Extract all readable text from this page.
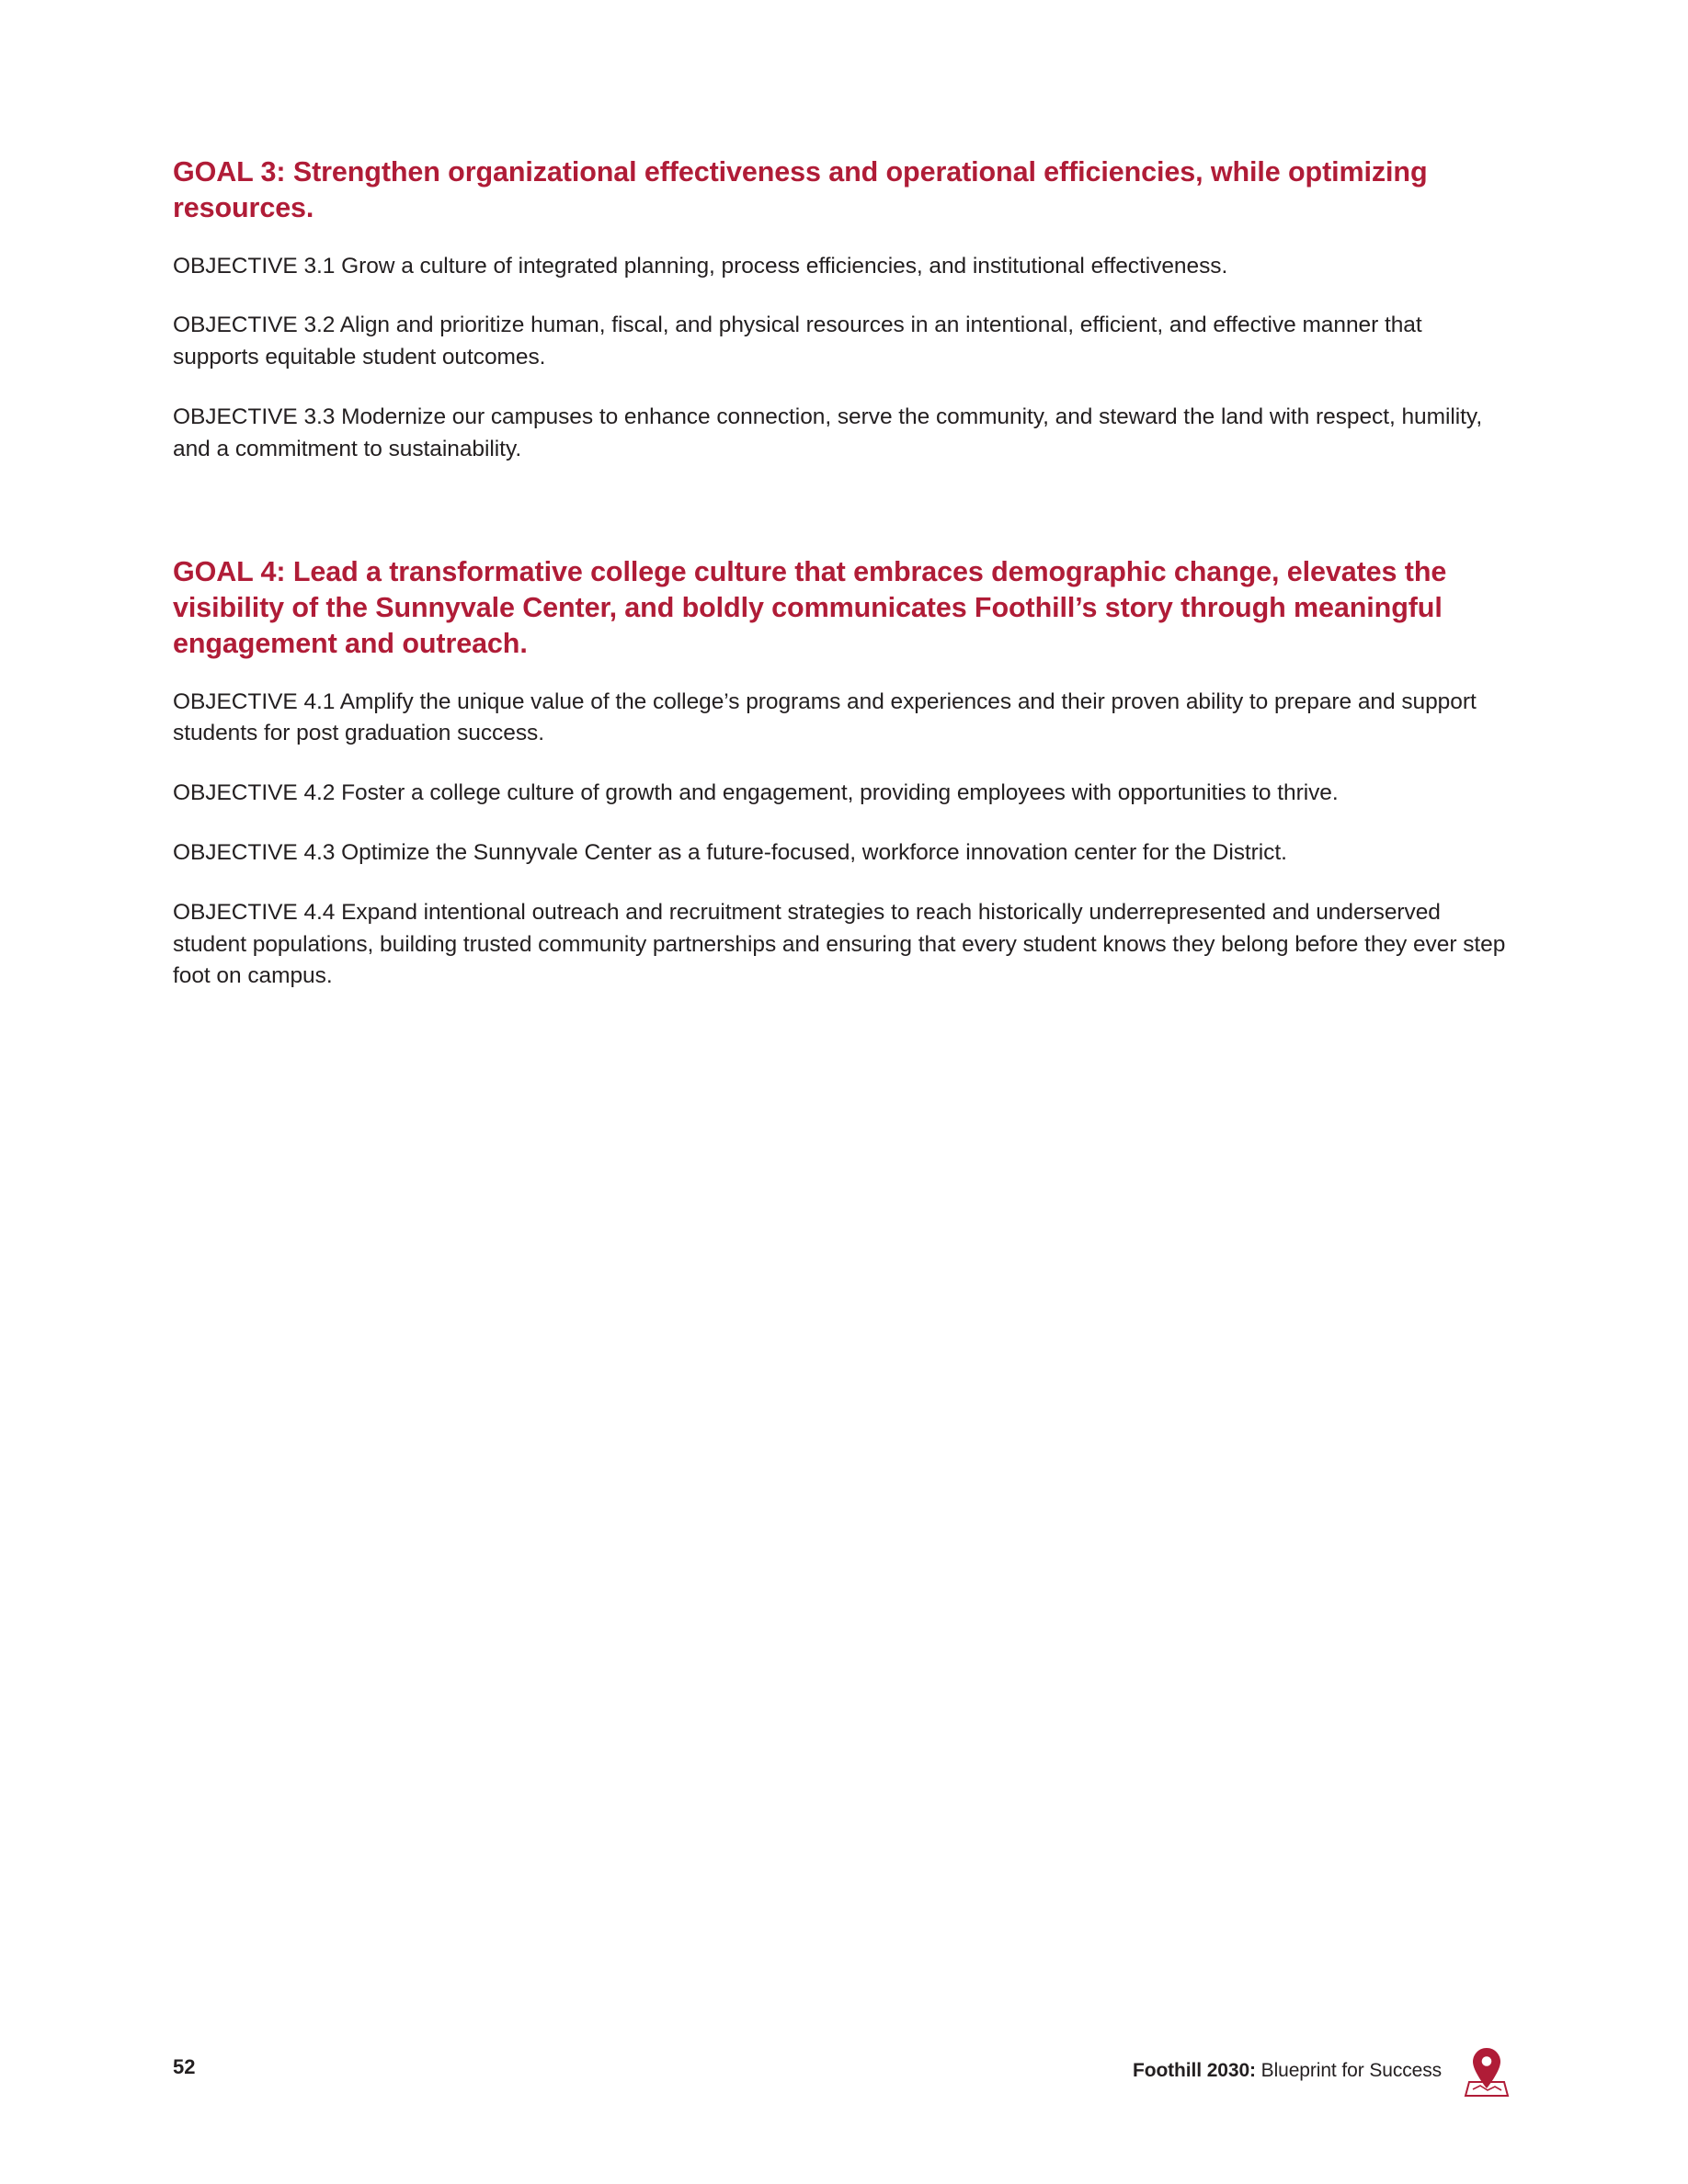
GOAL 3: Strengthen organizational effectiveness and operational efficiencies, while optimizing resources.

OBJECTIVE 3.1 Grow a culture of integrated planning, process efficiencies, and institutional effectiveness.

OBJECTIVE 3.2 Align and prioritize human, fiscal, and physical resources in an intentional, efficient, and effective manner that supports equitable student outcomes.

OBJECTIVE 3.3 Modernize our campuses to enhance connection, serve the community, and steward the land with respect, humility, and a commitment to sustainability.

GOAL 4: Lead a transformative college culture that embraces demographic change, elevates the visibility of the Sunnyvale Center, and boldly communicates Foothill’s story through meaningful engagement and outreach.

OBJECTIVE 4.1 Amplify the unique value of the college’s programs and experiences and their proven ability to prepare and support students for post graduation success.

OBJECTIVE 4.2 Foster a college culture of growth and engagement, providing employees with opportunities to thrive.

OBJECTIVE 4.3 Optimize the Sunnyvale Center as a future-focused, workforce innovation center for the District.

OBJECTIVE 4.4 Expand intentional outreach and recruitment strategies to reach historically underrepresented and underserved student populations, building trusted community partnerships and ensuring that every student knows they belong before they ever step foot on campus.

52	Foothill 2030: Blueprint for Success
